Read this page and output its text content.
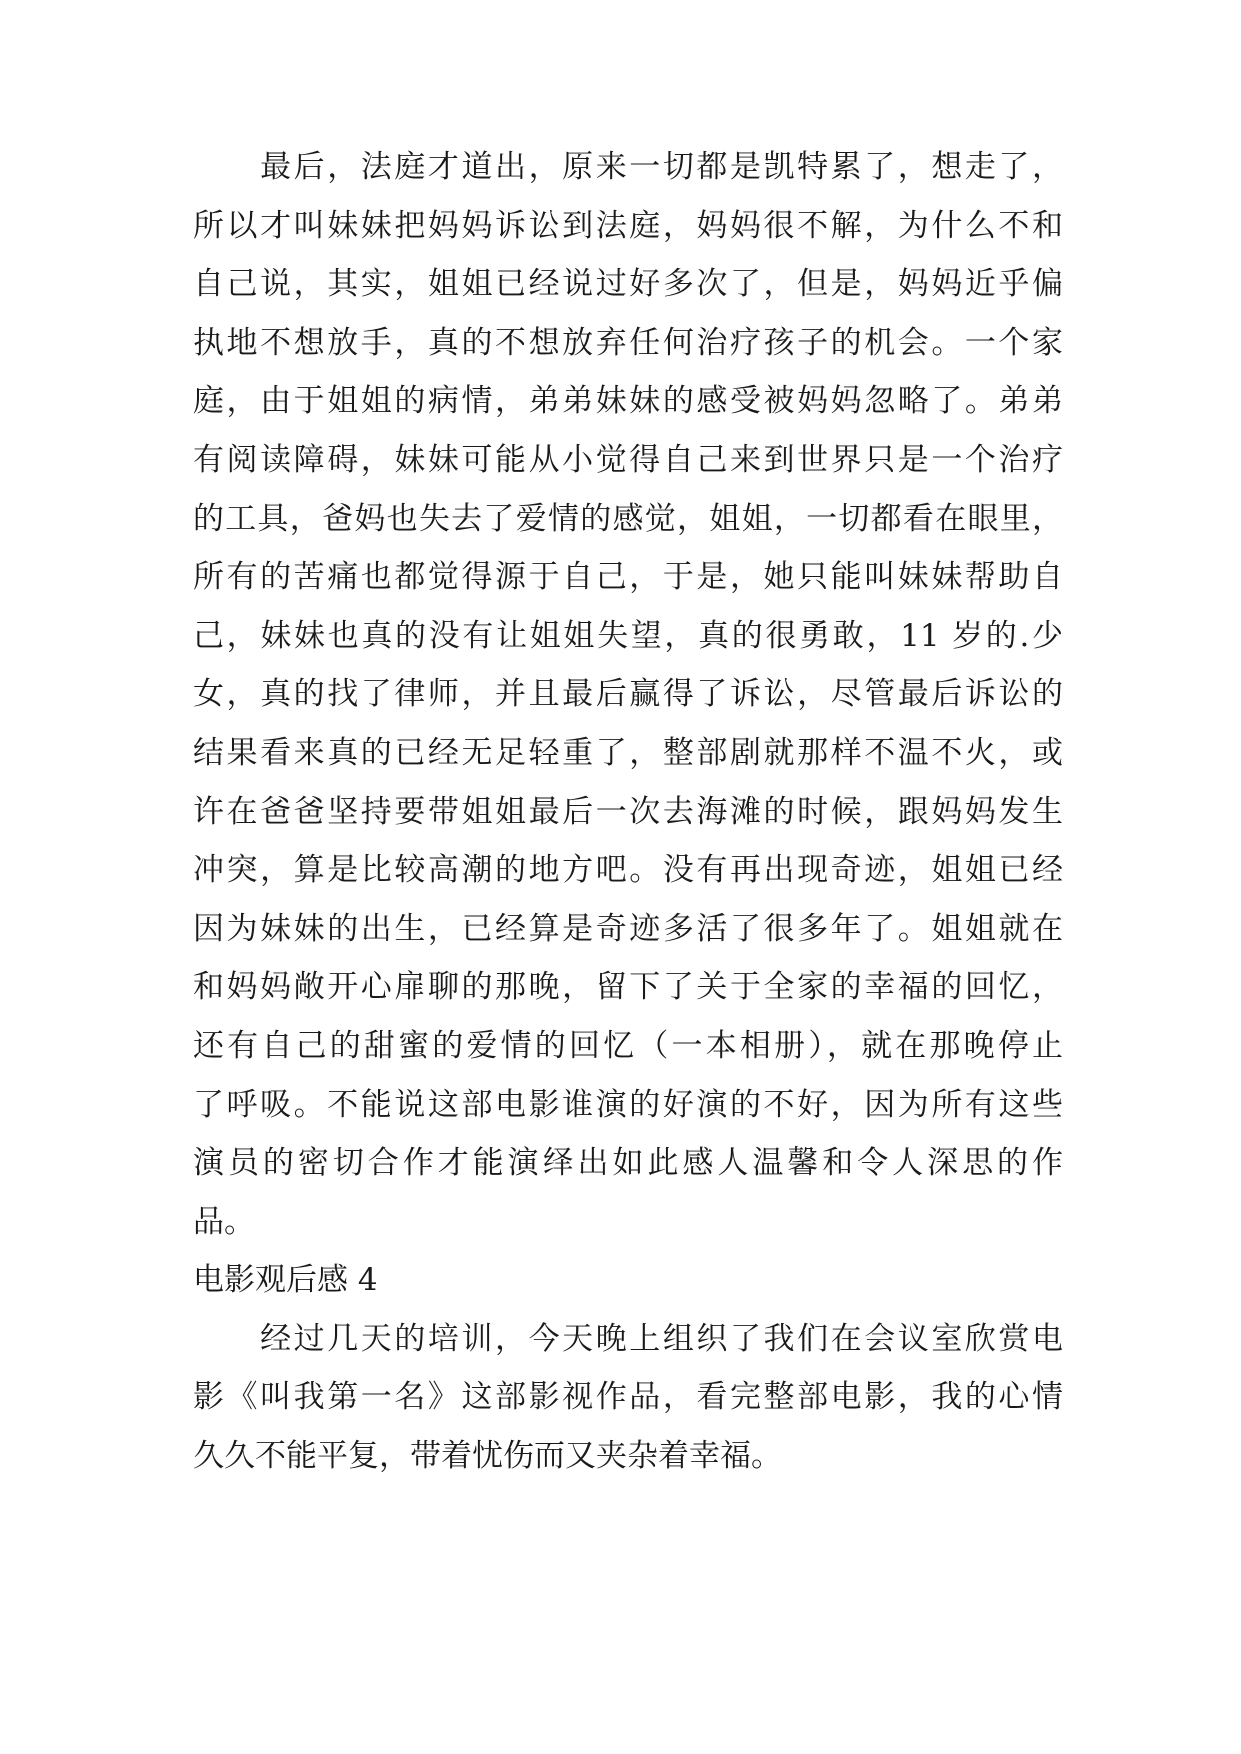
　　最后，法庭才道出，原来一切都是凯特累了，想走了，
所以才叫妹妹把妈妈诉讼到法庭，妈妈很不解，为什么不和
自己说，其实，姐姐已经说过好多次了，但是，妈妈近乎偏
执地不想放手，真的不想放弃任何治疗孩子的机会。一个家
庭，由于姐姐的病情，弟弟妹妹的感受被妈妈忽略了。弟弟
有阅读障碍，妹妹可能从小觉得自己来到世界只是一个治疗
的工具，爸妈也失去了爱情的感觉，姐姐，一切都看在眼里，
所有的苦痛也都觉得源于自己，于是，她只能叫妹妹帮助自
己，妹妹也真的没有让姐姐失望，真的很勇敢，11 岁的.少
女，真的找了律师，并且最后赢得了诉讼，尽管最后诉讼的
结果看来真的已经无足轻重了，整部剧就那样不温不火，或
许在爸爸坚持要带姐姐最后一次去海滩的时候，跟妈妈发生
冲突，算是比较高潮的地方吧。没有再出现奇迹，姐姐已经
因为妹妹的出生，已经算是奇迹多活了很多年了。姐姐就在
和妈妈敞开心扉聊的那晚，留下了关于全家的幸福的回忆，
还有自己的甜蜜的爱情的回忆（一本相册），就在那晚停止
了呼吸。不能说这部电影谁演的好演的不好，因为所有这些
演员的密切合作才能演绎出如此感人温馨和令人深思的作
品。
电影观后感 4
　　经过几天的培训，今天晚上组织了我们在会议室欣赏电
影《叫我第一名》这部影视作品，看完整部电影，我的心情
久久不能平复，带着忧伤而又夹杂着幸福。
